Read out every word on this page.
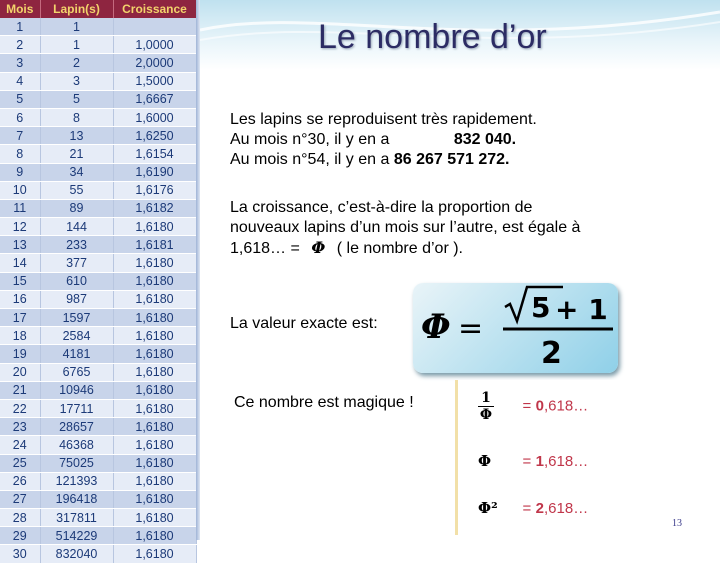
Mois	Lapin(s)	Croissance
1	1	
2	1	1,0000
3	2	2,0000
4	3	1,5000
5	5	1,6667
6	8	1,6000
7	13	1,6250
8	21	1,6154
9	34	1,6190
10	55	1,6176
11	89	1,6182
12	144	1,6180
13	233	1,6181
14	377	1,6180
15	610	1,6180
16	987	1,6180
17	1597	1,6180
18	2584	1,6180
19	4181	1,6180
20	6765	1,6180
21	10946	1,6180
22	17711	1,6180
23	28657	1,6180
24	46368	1,6180
25	75025	1,6180
26	121393	1,6180
27	196418	1,6180
28	317811	1,6180
29	514229	1,6180
30	832040	1,6180
Le nombre d’or

Les lapins se reproduisent très rapidement.
Au mois n°30, il y en a	832 040.
Au mois n°54, il y en a 86 267 571 272.

La croissance, c’est-à-dire la proportion de nouveaux lapins d’un mois sur l’autre, est égale à 1,618… = Φ ( le nombre d’or ).

La valeur exacte est: Φ =
5 + 1
2

Ce nombre est magique !	$\frac{1}{\Phi}$ = 0,618…
Φ = 1,618…
Φ² = 2,618…
13
